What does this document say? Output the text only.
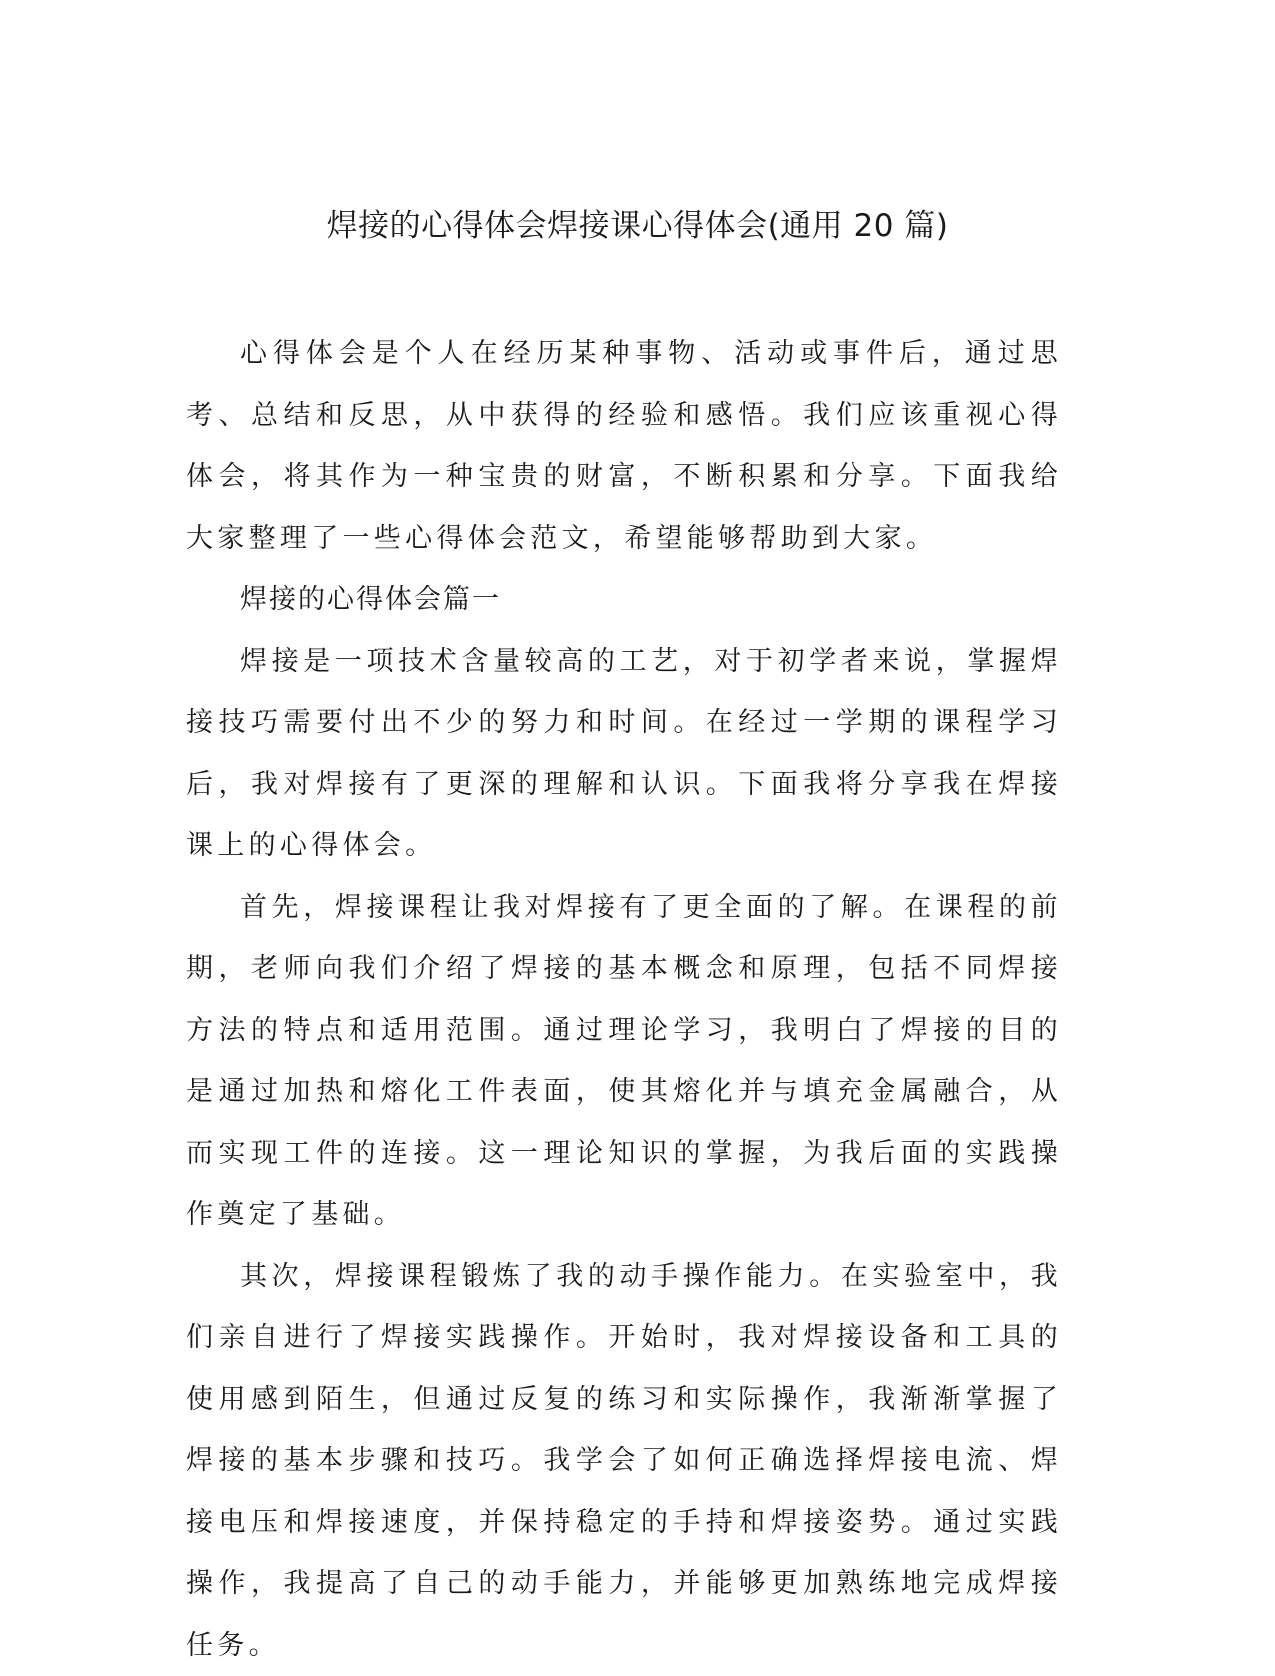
焊接的心得体会焊接课心得体会(通用 20 篇)

心得体会是个人在经历某种事物、活动或事件后，通过思考、总结和反思，从中获得的经验和感悟。我们应该重视心得体会，将其作为一种宝贵的财富，不断积累和分享。下面我给大家整理了一些心得体会范文，希望能够帮助到大家。

焊接的心得体会篇一

焊接是一项技术含量较高的工艺，对于初学者来说，掌握焊接技巧需要付出不少的努力和时间。在经过一学期的课程学习后，我对焊接有了更深的理解和认识。下面我将分享我在焊接课上的心得体会。

首先，焊接课程让我对焊接有了更全面的了解。在课程的前期，老师向我们介绍了焊接的基本概念和原理，包括不同焊接方法的特点和适用范围。通过理论学习，我明白了焊接的目的是通过加热和熔化工件表面，使其熔化并与填充金属融合，从而实现工件的连接。这一理论知识的掌握，为我后面的实践操作奠定了基础。

其次，焊接课程锻炼了我的动手操作能力。在实验室中，我们亲自进行了焊接实践操作。开始时，我对焊接设备和工具的使用感到陌生，但通过反复的练习和实际操作，我渐渐掌握了焊接的基本步骤和技巧。我学会了如何正确选择焊接电流、焊接电压和焊接速度，并保持稳定的手持和焊接姿势。通过实践操作，我提高了自己的动手能力，并能够更加熟练地完成焊接任务。
